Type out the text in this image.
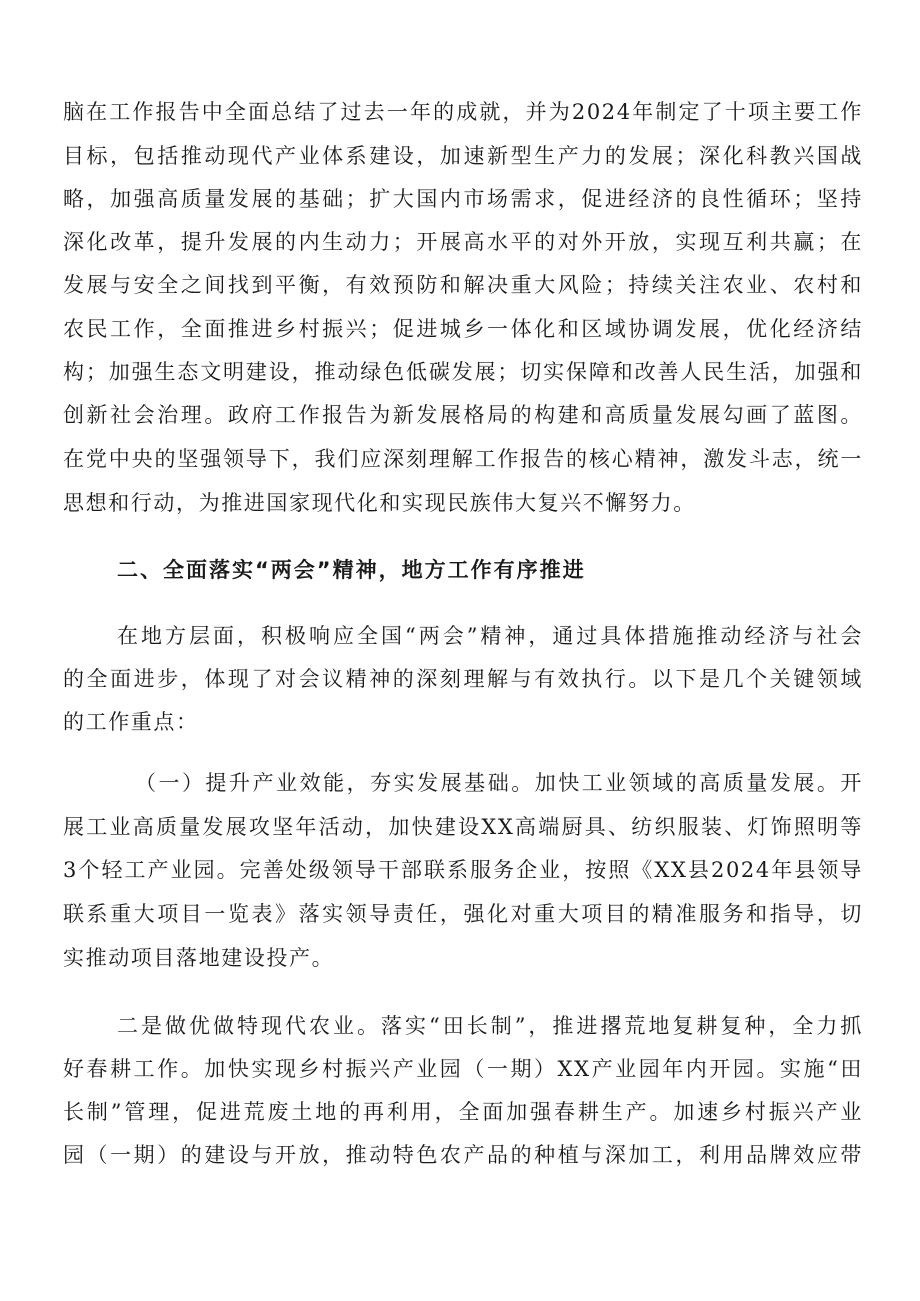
脑在工作报告中全面总结了过去一年的成就，并为2024年制定了十项主要工作
目标，包括推动现代产业体系建设，加速新型生产力的发展；深化科教兴国战
略，加强高质量发展的基础；扩大国内市场需求，促进经济的良性循环；坚持
深化改革，提升发展的内生动力；开展高水平的对外开放，实现互利共赢；在
发展与安全之间找到平衡，有效预防和解决重大风险；持续关注农业、农村和
农民工作，全面推进乡村振兴；促进城乡一体化和区域协调发展，优化经济结
构；加强生态文明建设，推动绿色低碳发展；切实保障和改善人民生活，加强和
创新社会治理。政府工作报告为新发展格局的构建和高质量发展勾画了蓝图。
在党中央的坚强领导下，我们应深刻理解工作报告的核心精神，激发斗志，统一
思想和行动，为推进国家现代化和实现民族伟大复兴不懈努力。
二、全面落实“两会”精神，地方工作有序推进
在地方层面，积极响应全国“两会”精神，通过具体措施推动经济与社会
的全面进步，体现了对会议精神的深刻理解与有效执行。以下是几个关键领域
的工作重点：
（一）提升产业效能，夯实发展基础。加快工业领域的高质量发展。开
展工业高质量发展攻坚年活动，加快建设XX高端厨具、纺织服装、灯饰照明等
3个轻工产业园。完善处级领导干部联系服务企业，按照《XX县2024年县领导
联系重大项目一览表》落实领导责任，强化对重大项目的精准服务和指导，切
实推动项目落地建设投产。
二是做优做特现代农业。落实“田长制”，推进撂荒地复耕复种，全力抓
好春耕工作。加快实现乡村振兴产业园（一期）XX产业园年内开园。实施“田
长制”管理，促进荒废土地的再利用，全面加强春耕生产。加速乡村振兴产业
园（一期）的建设与开放，推动特色农产品的种植与深加工，利用品牌效应带
